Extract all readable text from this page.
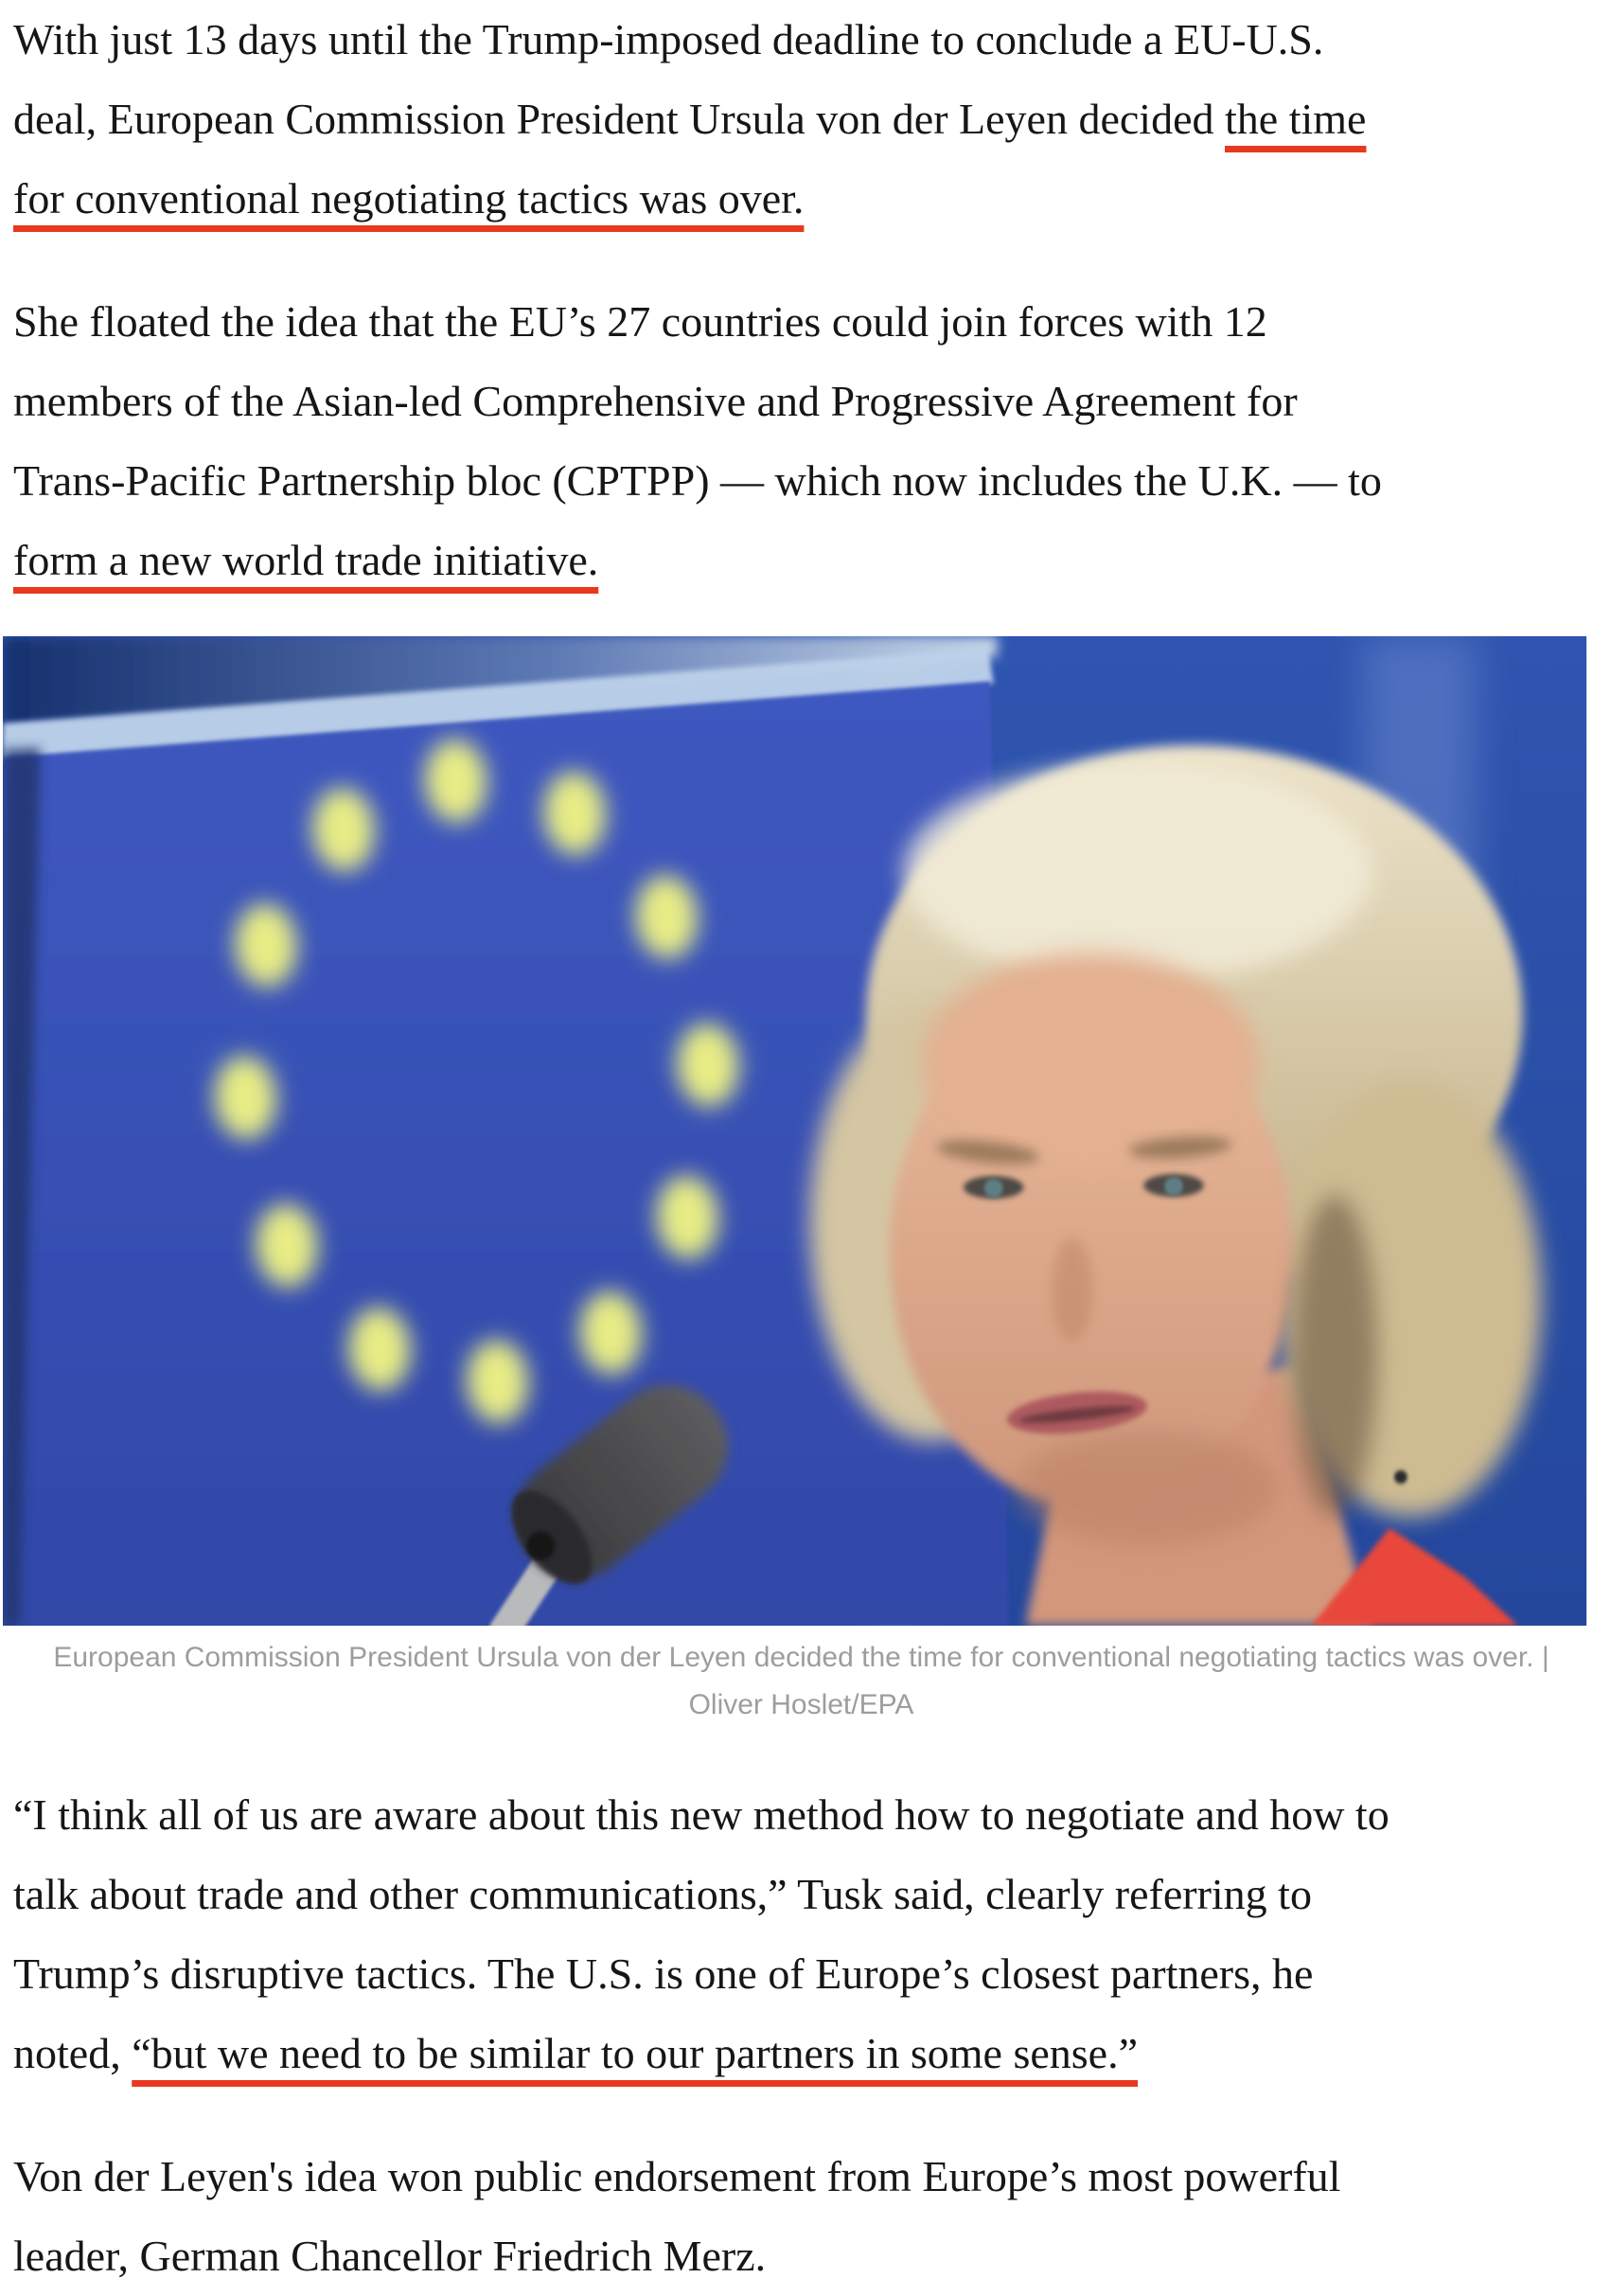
With just 13 days until the Trump-imposed deadline to conclude a EU-U.S.
deal, European Commission President Ursula von der Leyen decided the time
for conventional negotiating tactics was over.
She floated the idea that the EU’s 27 countries could join forces with 12
members of the Asian-led Comprehensive and Progressive Agreement for
Trans-Pacific Partnership bloc (CPTPP) — which now includes the U.K. — to
form a new world trade initiative.
European Commission President Ursula von der Leyen decided the time for conventional negotiating tactics was over. |
Oliver Hoslet/EPA
“I think all of us are aware about this new method how to negotiate and how to
talk about trade and other communications,” Tusk said, clearly referring to
Trump’s disruptive tactics. The U.S. is one of Europe’s closest partners, he
noted, “but we need to be similar to our partners in some sense.”
Von der Leyen's idea won public endorsement from Europe’s most powerful
leader, German Chancellor Friedrich Merz.
